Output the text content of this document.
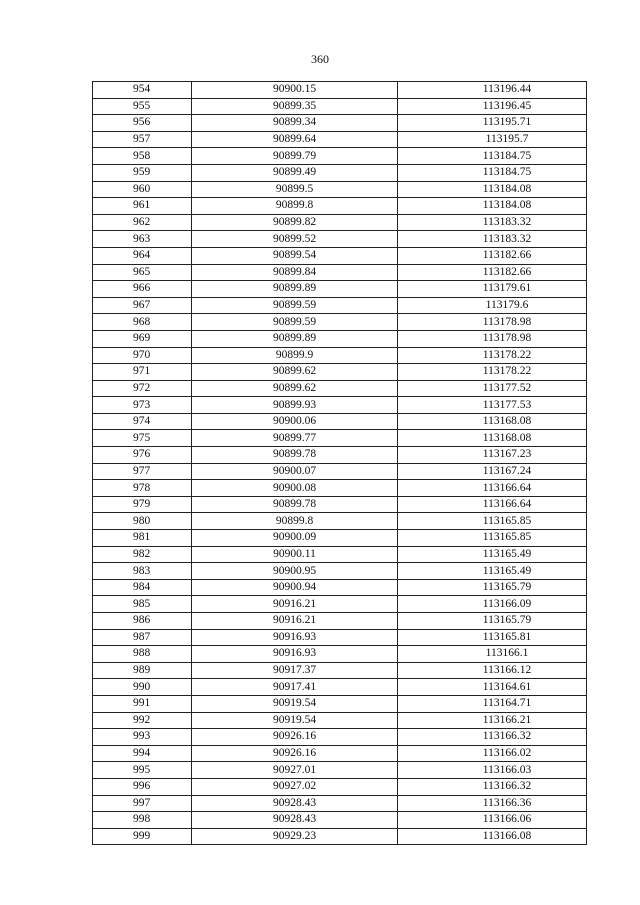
360
954	90900.15	113196.44
955	90899.35	113196.45
956	90899.34	113195.71
957	90899.64	113195.7
958	90899.79	113184.75
959	90899.49	113184.75
960	90899.5	113184.08
961	90899.8	113184.08
962	90899.82	113183.32
963	90899.52	113183.32
964	90899.54	113182.66
965	90899.84	113182.66
966	90899.89	113179.61
967	90899.59	113179.6
968	90899.59	113178.98
969	90899.89	113178.98
970	90899.9	113178.22
971	90899.62	113178.22
972	90899.62	113177.52
973	90899.93	113177.53
974	90900.06	113168.08
975	90899.77	113168.08
976	90899.78	113167.23
977	90900.07	113167.24
978	90900.08	113166.64
979	90899.78	113166.64
980	90899.8	113165.85
981	90900.09	113165.85
982	90900.11	113165.49
983	90900.95	113165.49
984	90900.94	113165.79
985	90916.21	113166.09
986	90916.21	113165.79
987	90916.93	113165.81
988	90916.93	113166.1
989	90917.37	113166.12
990	90917.41	113164.61
991	90919.54	113164.71
992	90919.54	113166.21
993	90926.16	113166.32
994	90926.16	113166.02
995	90927.01	113166.03
996	90927.02	113166.32
997	90928.43	113166.36
998	90928.43	113166.06
999	90929.23	113166.08
